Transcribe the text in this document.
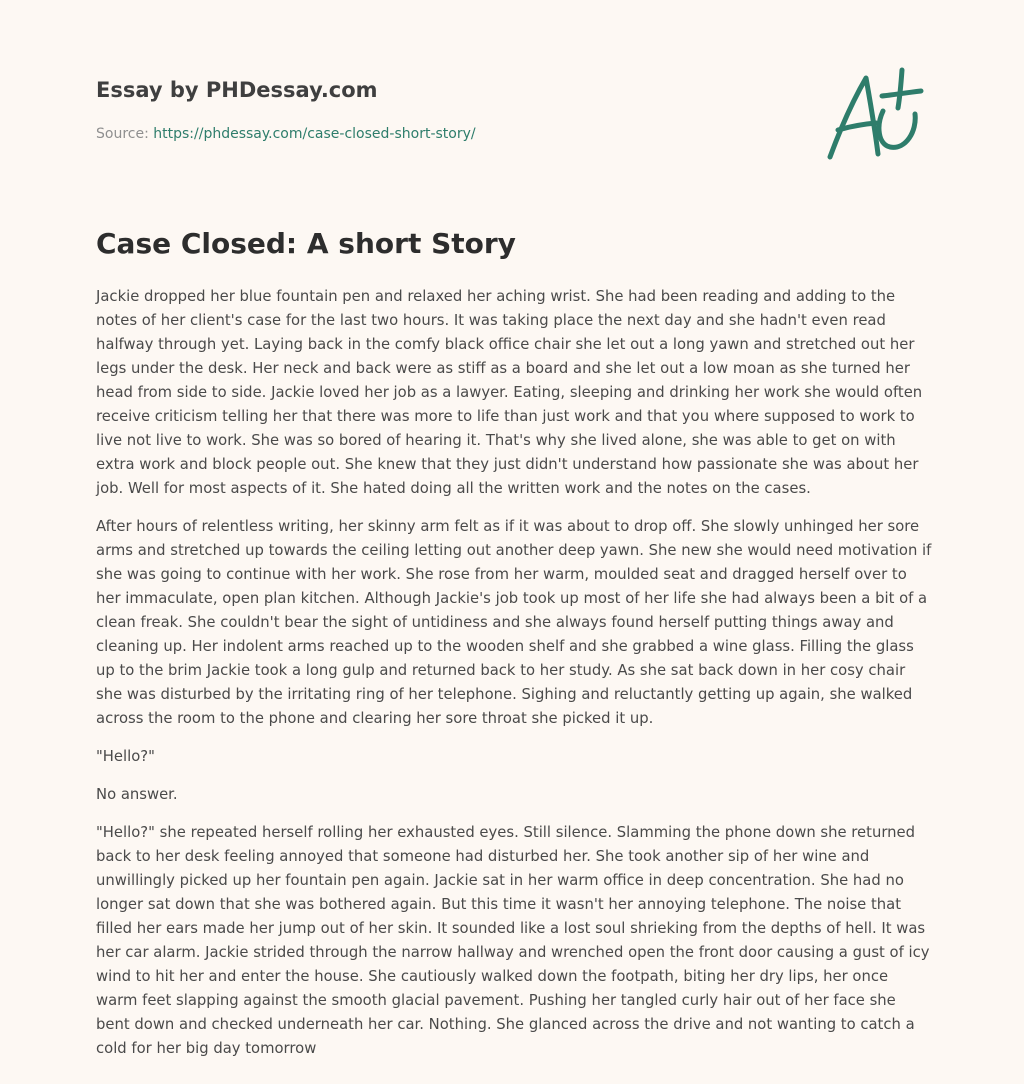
Essay by PHDessay.com
Source: https://phdessay.com/case-closed-short-story/
Case Closed: A short Story

Jackie dropped her blue fountain pen and relaxed her aching wrist. She had been reading and adding to the notes of her client's case for the last two hours. It was taking place the next day and she hadn't even read halfway through yet. Laying back in the comfy black office chair she let out a long yawn and stretched out her legs under the desk. Her neck and back were as stiff as a board and she let out a low moan as she turned her head from side to side. Jackie loved her job as a lawyer. Eating, sleeping and drinking her work she would often receive criticism telling her that there was more to life than just work and that you where supposed to work to live not live to work. She was so bored of hearing it. That's why she lived alone, she was able to get on with extra work and block people out. She knew that they just didn't understand how passionate she was about her job. Well for most aspects of it. She hated doing all the written work and the notes on the cases.

After hours of relentless writing, her skinny arm felt as if it was about to drop off. She slowly unhinged her sore arms and stretched up towards the ceiling letting out another deep yawn. She new she would need motivation if she was going to continue with her work. She rose from her warm, moulded seat and dragged herself over to her immaculate, open plan kitchen. Although Jackie's job took up most of her life she had always been a bit of a clean freak. She couldn't bear the sight of untidiness and she always found herself putting things away and cleaning up. Her indolent arms reached up to the wooden shelf and she grabbed a wine glass. Filling the glass up to the brim Jackie took a long gulp and returned back to her study. As she sat back down in her cosy chair she was disturbed by the irritating ring of her telephone. Sighing and reluctantly getting up again, she walked across the room to the phone and clearing her sore throat she picked it up.

"Hello?"

No answer.

"Hello?" she repeated herself rolling her exhausted eyes. Still silence. Slamming the phone down she returned back to her desk feeling annoyed that someone had disturbed her. She took another sip of her wine and unwillingly picked up her fountain pen again. Jackie sat in her warm office in deep concentration. She had no longer sat down that she was bothered again. But this time it wasn't her annoying telephone. The noise that filled her ears made her jump out of her skin. It sounded like a lost soul shrieking from the depths of hell. It was her car alarm. Jackie strided through the narrow hallway and wrenched open the front door causing a gust of icy wind to hit her and enter the house. She cautiously walked down the footpath, biting her dry lips, her once warm feet slapping against the smooth glacial pavement. Pushing her tangled curly hair out of her face she bent down and checked underneath her car. Nothing. She glanced across the drive and not wanting to catch a cold for her big day tomorrow
